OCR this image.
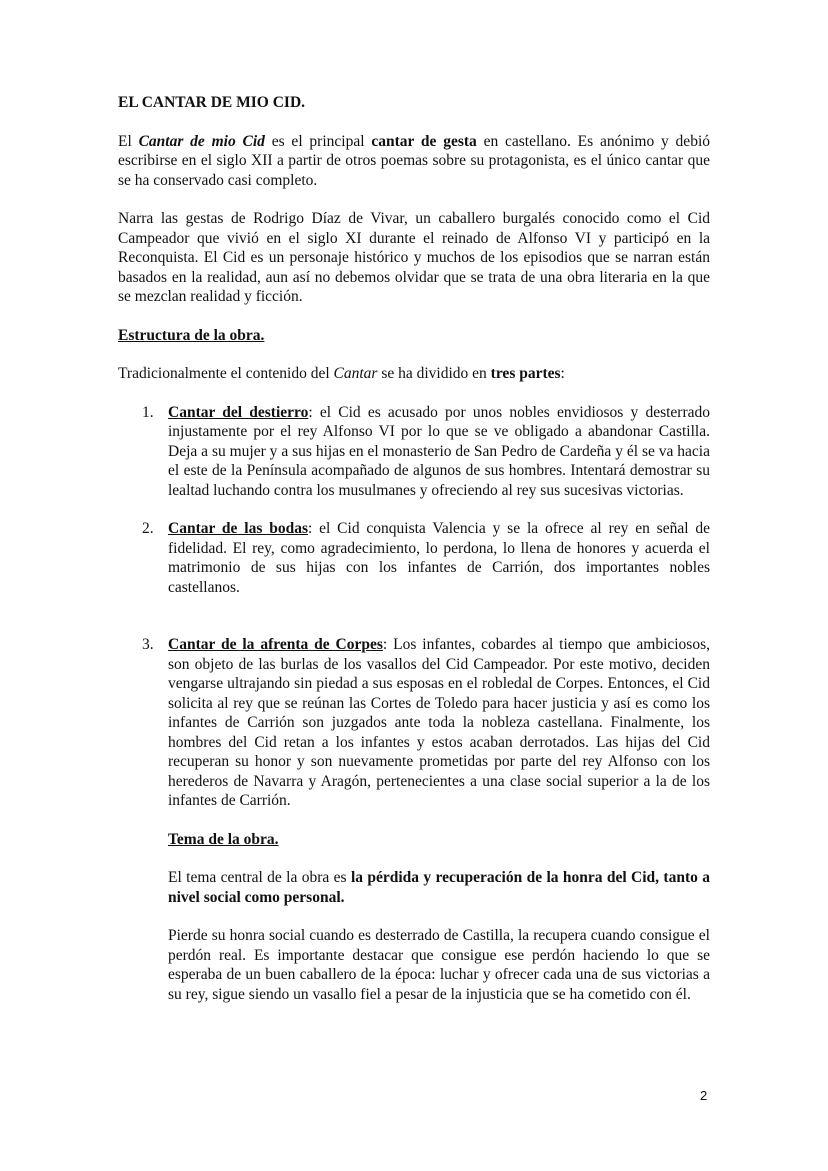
EL CANTAR DE MIO CID.

El Cantar de mio Cid es el principal cantar de gesta en castellano. Es anónimo y debió escribirse en el siglo XII a partir de otros poemas sobre su protagonista, es el único cantar que se ha conservado casi completo.

Narra las gestas de Rodrigo Díaz de Vivar, un caballero burgalés conocido como el Cid Campeador que vivió en el siglo XI durante el reinado de Alfonso VI y participó en la Reconquista. El Cid es un personaje histórico y muchos de los episodios que se narran están basados en la realidad, aun así no debemos olvidar que se trata de una obra literaria en la que se mezclan realidad y ficción.

Estructura de la obra.

Tradicionalmente el contenido del Cantar se ha dividido en tres partes:

1. Cantar del destierro: el Cid es acusado por unos nobles envidiosos y desterrado injustamente por el rey Alfonso VI por lo que se ve obligado a abandonar Castilla. Deja a su mujer y a sus hijas en el monasterio de San Pedro de Cardeña y él se va hacia el este de la Península acompañado de algunos de sus hombres. Intentará demostrar su lealtad luchando contra los musulmanes y ofreciendo al rey sus sucesivas victorias.
2. Cantar de las bodas: el Cid conquista Valencia y se la ofrece al rey en señal de fidelidad. El rey, como agradecimiento, lo perdona, lo llena de honores y acuerda el matrimonio de sus hijas con los infantes de Carrión, dos importantes nobles castellanos.
3. Cantar de la afrenta de Corpes: Los infantes, cobardes al tiempo que ambiciosos, son objeto de las burlas de los vasallos del Cid Campeador. Por este motivo, deciden vengarse ultrajando sin piedad a sus esposas en el robledal de Corpes. Entonces, el Cid solicita al rey que se reúnan las Cortes de Toledo para hacer justicia y así es como los infantes de Carrión son juzgados ante toda la nobleza castellana. Finalmente, los hombres del Cid retan a los infantes y estos acaban derrotados. Las hijas del Cid recuperan su honor y son nuevamente prometidas por parte del rey Alfonso con los herederos de Navarra y Aragón, pertenecientes a una clase social superior a la de los infantes de Carrión.
Tema de la obra.

El tema central de la obra es la pérdida y recuperación de la honra del Cid, tanto a nivel social como personal.

Pierde su honra social cuando es desterrado de Castilla, la recupera cuando consigue el perdón real. Es importante destacar que consigue ese perdón haciendo lo que se esperaba de un buen caballero de la época: luchar y ofrecer cada una de sus victorias a su rey, sigue siendo un vasallo fiel a pesar de la injusticia que se ha cometido con él.

2
